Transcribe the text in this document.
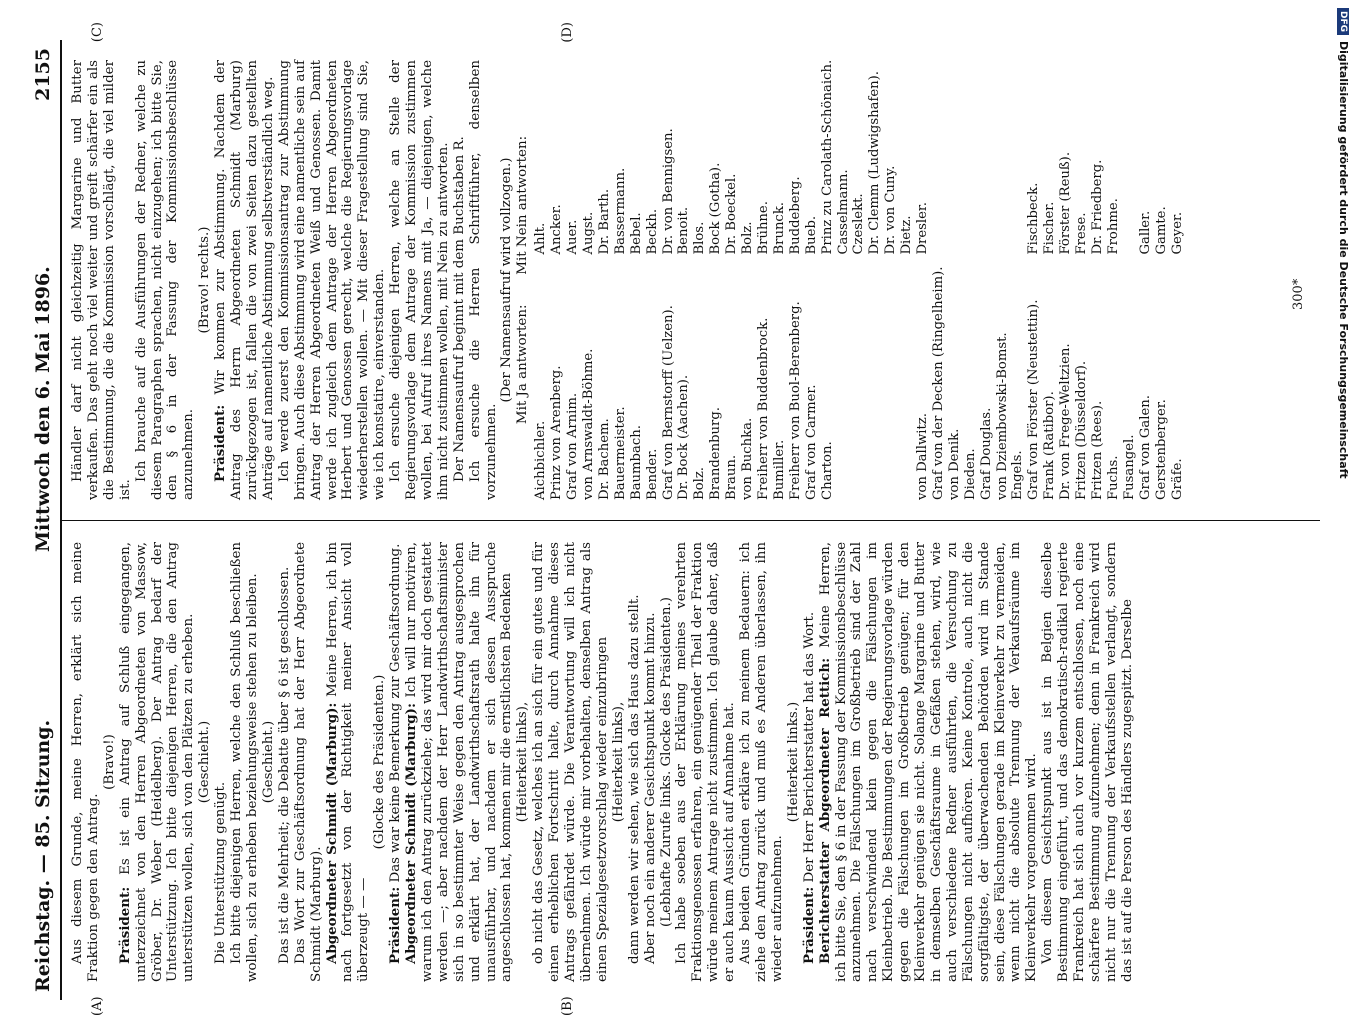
Reichstag. — 85. Sitzung.
Mittwoch den 6. Mai 1896.
2155
(A)	(B)
(C)	(D)

Aus diesem Grunde, meine Herren, erklärt sich meine Fraktion gegen den Antrag.

(Bravo!)

Präsident: Es ist ein Antrag auf Schluß eingegangen, unterzeichnet von den Herren Abgeordneten von Massow, Gröber, Dr. Weber (Heidelberg). Der Antrag bedarf der Unterstützung. Ich bitte diejenigen Herren, die den Antrag unterstützen wollen, sich von den Plätzen zu erheben. (Geschieht.)

Die Unterstützung genügt. Ich bitte diejenigen Herren, welche den Schluß beschließen wollen, sich zu erheben beziehungsweise stehen zu bleiben. (Geschieht.) Das ist die Mehrheit; die Debatte über § 6 ist geschlossen. Das Wort zur Geschäftsordnung hat der Herr Abgeordnete Schmidt (Marburg). Abgeordneter Schmidt (Marburg): Meine Herren, ich bin nach fortgesetzt von der Richtigkeit meiner Ansicht voll überzeugt — —

(Glocke des Präsidenten.)

Präsident: Das war keine Bemerkung zur Geschäftsordnung. Abgeordneter Schmidt (Marburg): Ich will nur motiviren, warum ich den Antrag zurückziehe; das wird mir doch gestattet werden —; aber nachdem der Herr Landwirthschaftsminister sich in so bestimmter Weise gegen den Antrag ausgesprochen und erklärt hat, der Landwirthschaftsrath halte ihn für unausführbar, und nachdem er sich dessen Ausspruche angeschlossen hat, kommen mir die ernstlichsten Bedenken (Heiterkeit links), ob nicht das Gesetz, welches ich an sich für ein gutes und für einen erheblichen Fortschritt halte, durch Annahme dieses Antrags gefährdet würde. Die Verantwortung will ich nicht übernehmen. Ich würde mir vorbehalten, denselben Antrag als einen Spezialgesetzvorschlag wieder einzubringen (Heiterkeit links), dann werden wir sehen, wie sich das Haus dazu stellt. Aber noch ein anderer Gesichtspunkt kommt hinzu. (Lebhafte Zurufe links. Glocke des Präsidenten.) Ich habe soeben aus der Erklärung meines verehrten Fraktionsgenossen erfahren, ein genügender Theil der Fraktion würde meinem Antrage nicht zustimmen. Ich glaube daher, daß er auch kaum Aussicht auf Annahme hat. Aus beiden Gründen erkläre ich zu meinem Bedauern: ich ziehe den Antrag zurück und muß es Anderen überlassen, ihn wieder aufzunehmen.

(Heiterkeit links.)

Präsident: Der Herr Berichterstatter hat das Wort. Berichterstatter Abgeordneter Rettich: Meine Herren, ich bitte Sie, den § 6 in der Fassung der Kommissionsbeschlüsse anzunehmen. Die Fälschungen im Großbetrieb sind der Zahl nach verschwindend klein gegen die Fälschungen im Kleinbetrieb. Die Bestimmungen der Regierungsvorlage würden gegen die Fälschungen im Großbetrieb genügen; für den Kleinverkehr genügen sie nicht. Solange Margarine und Butter in demselben Geschäftsraume in Gefäßen stehen, wird, wie auch verschiedene Redner ausführten, die Versuchung zu Fälschungen nicht aufhören. Keine Kontrole, auch nicht die sorgfältigste, der überwachenden Behörden wird im Stande sein, diese Fälschungen gerade im Kleinverkehr zu vermeiden, wenn nicht die absolute Trennung der Verkaufsräume im Kleinverkehr vorgenommen wird. Von diesem Gesichtspunkt aus ist in Belgien dieselbe Bestimmung eingeführt, und das demokratisch-radikal regierte Frankreich hat sich auch vor kurzem entschlossen, noch eine schärfere Bestimmung aufzunehmen; denn in Frankreich wird nicht nur die Trennung der Verkaufsstellen verlangt, sondern das ist auf die Person des Händlers zugespitzt. Derselbe

Händler darf nicht gleichzeitig Margarine und Butter verkaufen. Das geht noch viel weiter und greift schärfer ein als die Bestimmung, die die Kommission vorschlägt, die viel milder ist.

Ich brauche auf die Ausführungen der Redner, welche zu diesem Paragraphen sprachen, nicht einzugehen; ich bitte Sie, den § 6 in der Fassung der Kommissionsbeschlüsse anzunehmen.

(Bravo! rechts.)

Präsident: Wir kommen zur Abstimmung. Nachdem der Antrag des Herrn Abgeordneten Schmidt (Marburg) zurückgezogen ist, fallen die von zwei Seiten dazu gestellten Anträge auf namentliche Abstimmung selbstverständlich weg. Ich werde zuerst den Kommissionsantrag zur Abstimmung bringen. Auch diese Abstimmung wird eine namentliche sein auf Antrag der Herren Abgeordneten Weiß und Genossen. Damit werde ich zugleich dem Antrage der Herren Abgeordneten Herbert und Genossen gerecht, welche die Regierungsvorlage wiederherstellen wollen. — Mit dieser Fragestellung sind Sie, wie ich konstatire, einverstanden. Ich ersuche diejenigen Herren, welche an Stelle der Regierungsvorlage dem Antrage der Kommission zustimmen wollen, bei Aufruf ihres Namens mit Ja, — diejenigen, welche ihm nicht zustimmen wollen, mit Nein zu antworten. Der Namensaufruf beginnt mit dem Buchstaben R. Ich ersuche die Herren Schriftführer, denselben vorzunehmen.

(Der Namensaufruf wird vollzogen.) Mit Ja antworten:       Mit Nein antworten:

Aichbichler.
Ahlt.
Prinz von Arenberg.
Ancker.
Graf von Arnim.
Auer.
von Arnswaldt-Böhme.
Augst.
Dr. Bachem.
Dr. Barth.
Bauermeister.
Bassermann.
Baumbach.
Bebel.
Bender.
Beckh.
Graf von Bernstorff (Uelzen).
Dr. von Bennigsen.
Dr. Bock (Aachen).
Benoit.
Bolz.
Blos.
Brandenburg.
Bock (Gotha).
Braun.
Dr. Boeckel.
von Buchka.
Bolz.
Freiherr von Buddenbrock.
Brühne.
Bumiller.
Brunck.
Freiherr von Buol-Berenberg.
Buddeberg.
Graf von Carmer.
Bueb.
Charton.
Prinz zu Carolath-Schönaich. Casselmann. Czeslekt. Dr. Clemm (Ludwigshafen). Dr. von Cuny. Dietz.
von Dallwitz.
Dresler.
Graf von der Decken (Ringelheim). von Denik. Dieden. Graf Douglas. von Dziembowski-Bomst. Engels. Graf von Förster (Neustettin).
Fischbeck.
Frank (Ratibor).
Fischer.
Dr. von Frege-Weltzien.
Förster (Reuß).
Fritzen (Düsseldorf).
Frese.
Fritzen (Rees).
Dr. Friedberg.
Fuchs.
Frohme.
Fusangel. Graf von Galen.
Galler.
Gerstenberger.
Gamte.
Gräfe.
Geyer.
300*
DFG
Digitalisierung gefördert durch die Deutsche Forschungsgemeinschaft
